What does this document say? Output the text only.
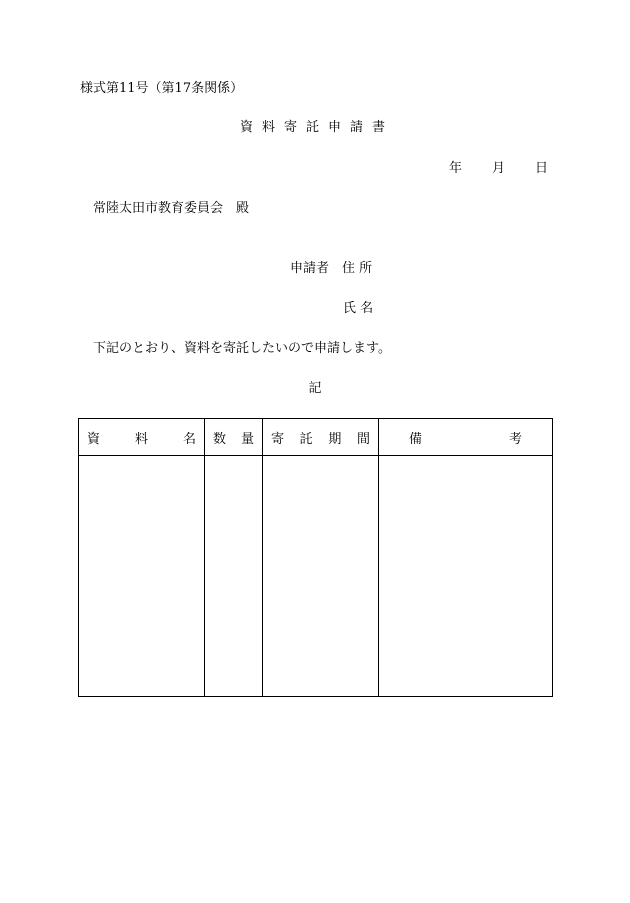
様式第11号（第17条関係）
資料寄託申請書
年 月 日
常陸太田市教育委員会　殿
申請者　住 所
氏 名
下記のとおり、資料を寄託したいので申請します。
記
資 料 名	数 量	寄 託 期 間	備 考
